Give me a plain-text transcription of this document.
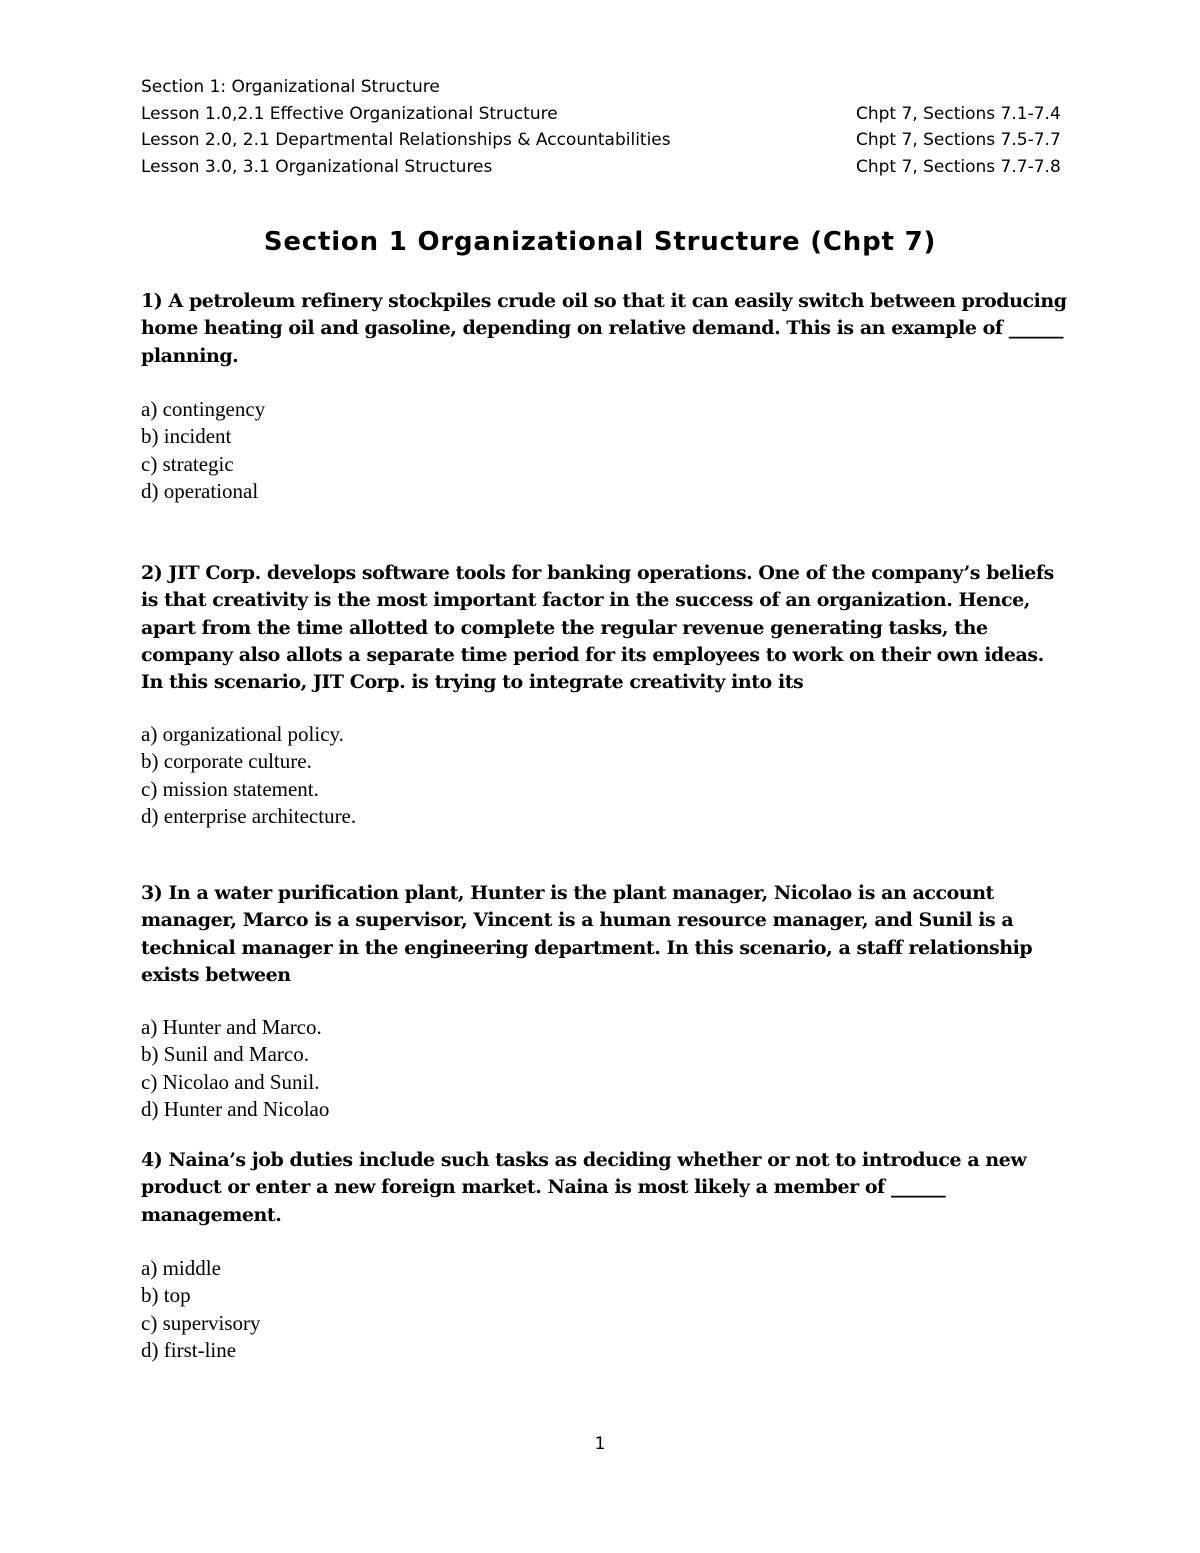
Section 1: Organizational Structure
Lesson 1.0,2.1 Effective Organizational Structure	Chpt 7, Sections 7.1-7.4
Lesson 2.0, 2.1 Departmental Relationships & Accountabilities	Chpt 7, Sections 7.5-7.7
Lesson 3.0, 3.1 Organizational Structures	Chpt 7, Sections 7.7-7.8
Section 1 Organizational Structure (Chpt 7)
1) A petroleum refinery stockpiles crude oil so that it can easily switch between producing home heating oil and gasoline, depending on relative demand. This is an example of ______ planning.
a) contingency
b) incident
c) strategic
d) operational
2) JIT Corp. develops software tools for banking operations. One of the company’s beliefs is that creativity is the most important factor in the success of an organization. Hence, apart from the time allotted to complete the regular revenue generating tasks, the company also allots a separate time period for its employees to work on their own ideas. In this scenario, JIT Corp. is trying to integrate creativity into its
a) organizational policy.
b) corporate culture.
c) mission statement.
d) enterprise architecture.
3) In a water purification plant, Hunter is the plant manager, Nicolao is an account manager, Marco is a supervisor, Vincent is a human resource manager, and Sunil is a technical manager in the engineering department. In this scenario, a staff relationship exists between
a) Hunter and Marco.
b) Sunil and Marco.
c) Nicolao and Sunil.
d) Hunter and Nicolao
4) Naina’s job duties include such tasks as deciding whether or not to introduce a new product or enter a new foreign market. Naina is most likely a member of ______ management.
a) middle
b) top
c) supervisory
d) first-line
1
